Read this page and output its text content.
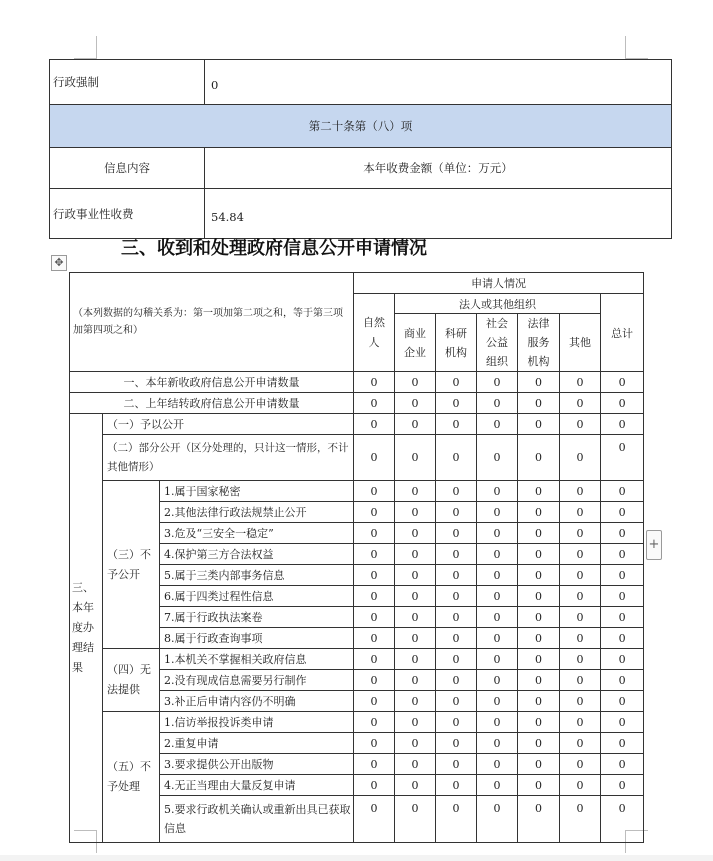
行政强制	0
第二十条第（八）项	
信息内容	本年收费金额（单位：万元）
行政事业性收费	54.84
三、收到和处理政府信息公开申请情况
✥
+
（本列数据的勾稽关系为：第一项加第二项之和，等于第三项加第四项之和）			申请人情况						
			自然人	法人或其他组织					总计
				商业企业	科研机构	社会公益组织	法律服务机构	其他	
一、本年新收政府信息公开申请数量			0	0	0	0	0	0	0
二、上年结转政府信息公开申请数量			0	0	0	0	0	0	0
三、本年度办理结果	（一）予以公开		0	0	0	0	0	0	0
	（二）部分公开（区分处理的，只计这一情形，不计其他情形）		0	0	0	0	0	0	0
	（三）不予公开	1.属于国家秘密	0	0	0	0	0	0	0
		2.其他法律行政法规禁止公开	0	0	0	0	0	0	0
		3.危及“三安全一稳定”	0	0	0	0	0	0	0
		4.保护第三方合法权益	0	0	0	0	0	0	0
		5.属于三类内部事务信息	0	0	0	0	0	0	0
		6.属于四类过程性信息	0	0	0	0	0	0	0
		7.属于行政执法案卷	0	0	0	0	0	0	0
		8.属于行政查询事项	0	0	0	0	0	0	0
	（四）无法提供	1.本机关不掌握相关政府信息	0	0	0	0	0	0	0
		2.没有现成信息需要另行制作	0	0	0	0	0	0	0
		3.补正后申请内容仍不明确	0	0	0	0	0	0	0
	（五）不予处理	1.信访举报投诉类申请	0	0	0	0	0	0	0
		2.重复申请	0	0	0	0	0	0	0
		3.要求提供公开出版物	0	0	0	0	0	0	0
		4.无正当理由大量反复申请	0	0	0	0	0	0	0
		5.要求行政机关确认或重新出具已获取信息	0	0	0	0	0	0	0
